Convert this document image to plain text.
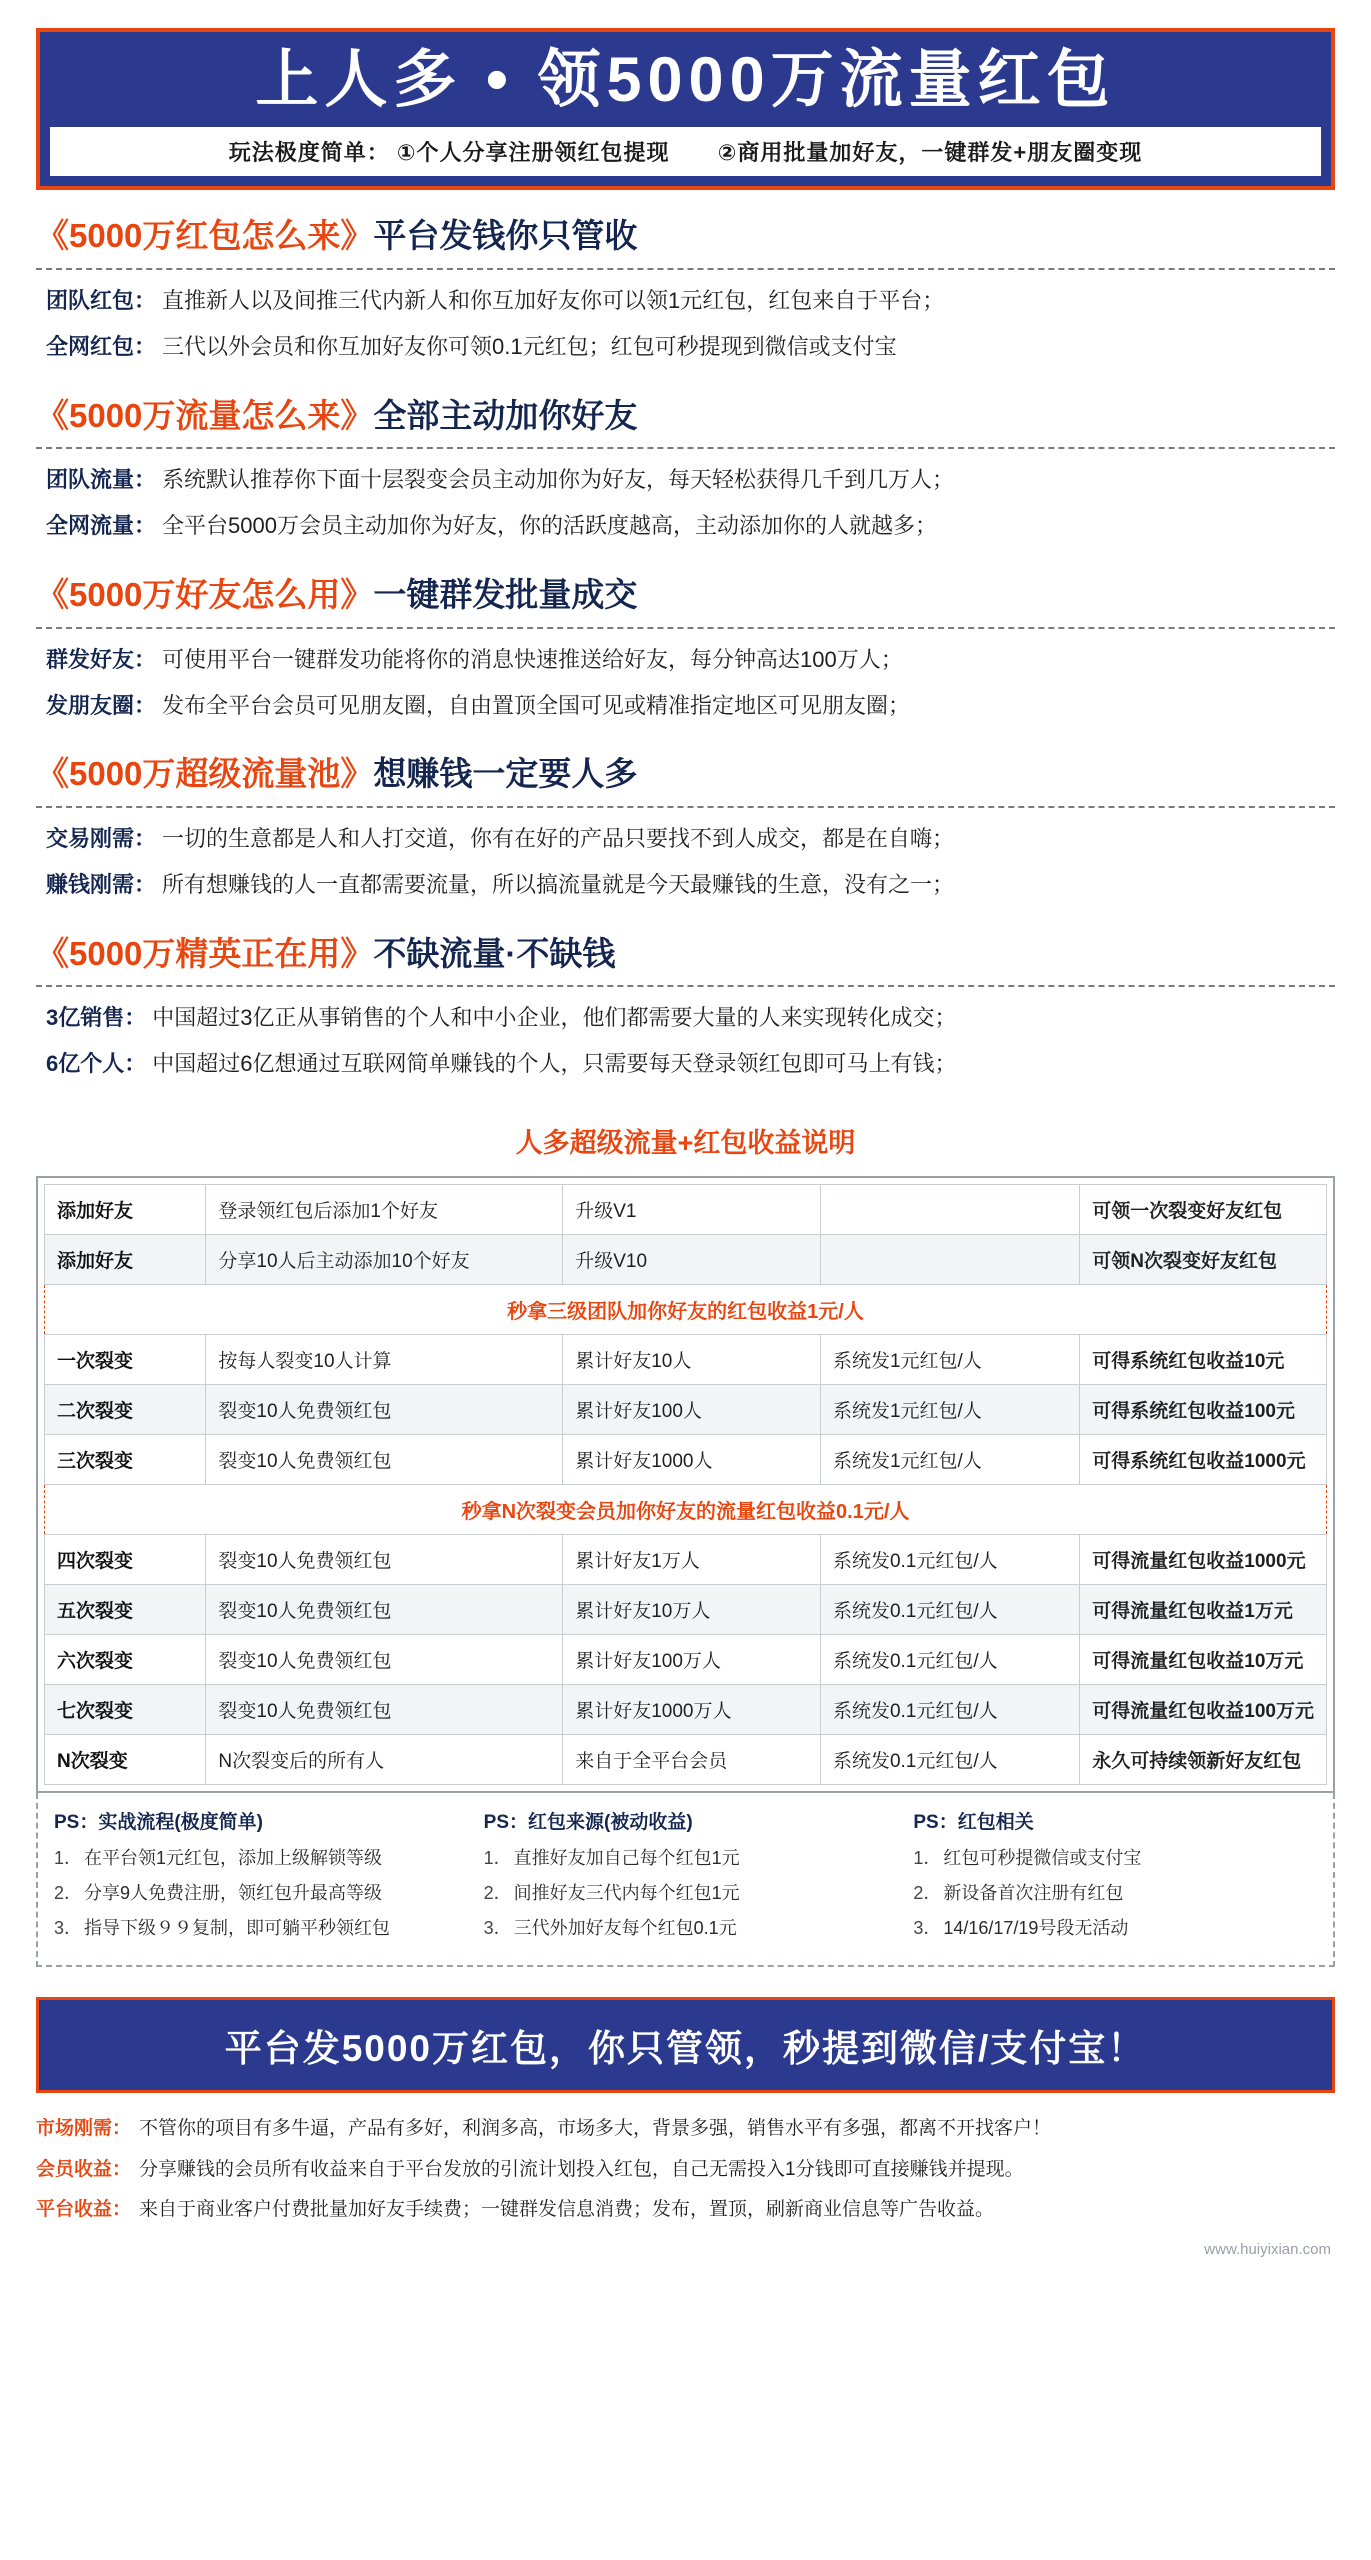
上人多 • 领5000万流量红包
玩法极度简单： ①个人分享注册领红包提现 ②商用批量加好友，一键群发+朋友圈变现
《5000万红包怎么来》平台发钱你只管收
团队红包： 直推新人以及间推三代内新人和你互加好友你可以领1元红包，红包来自于平台；
全网红包： 三代以外会员和你互加好友你可领0.1元红包；红包可秒提现到微信或支付宝
《5000万流量怎么来》全部主动加你好友
团队流量： 系统默认推荐你下面十层裂变会员主动加你为好友，每天轻松获得几千到几万人；
全网流量： 全平台5000万会员主动加你为好友，你的活跃度越高，主动添加你的人就越多；
《5000万好友怎么用》一键群发批量成交
群发好友： 可使用平台一键群发功能将你的消息快速推送给好友，每分钟高达100万人；
发朋友圈： 发布全平台会员可见朋友圈，自由置顶全国可见或精准指定地区可见朋友圈；
《5000万超级流量池》想赚钱一定要人多
交易刚需： 一切的生意都是人和人打交道，你有在好的产品只要找不到人成交，都是在自嗨；
赚钱刚需： 所有想赚钱的人一直都需要流量，所以搞流量就是今天最赚钱的生意，没有之一；
《5000万精英正在用》不缺流量·不缺钱
3亿销售： 中国超过3亿正从事销售的个人和中小企业，他们都需要大量的人来实现转化成交；
6亿个人： 中国超过6亿想通过互联网简单赚钱的个人，只需要每天登录领红包即可马上有钱；
人多超级流量+红包收益说明
添加好友	登录领红包后添加1个好友	升级V1		可领一次裂变好友红包
添加好友	分享10人后主动添加10个好友	升级V10		可领N次裂变好友红包
秒拿三级团队加你好友的红包收益1元/人				
一次裂变	按每人裂变10人计算	累计好友10人	系统发1元红包/人	可得系统红包收益10元
二次裂变	裂变10人免费领红包	累计好友100人	系统发1元红包/人	可得系统红包收益100元
三次裂变	裂变10人免费领红包	累计好友1000人	系统发1元红包/人	可得系统红包收益1000元
秒拿N次裂变会员加你好友的流量红包收益0.1元/人				
四次裂变	裂变10人免费领红包	累计好友1万人	系统发0.1元红包/人	可得流量红包收益1000元
五次裂变	裂变10人免费领红包	累计好友10万人	系统发0.1元红包/人	可得流量红包收益1万元
六次裂变	裂变10人免费领红包	累计好友100万人	系统发0.1元红包/人	可得流量红包收益10万元
七次裂变	裂变10人免费领红包	累计好友1000万人	系统发0.1元红包/人	可得流量红包收益100万元
N次裂变	N次裂变后的所有人	来自于全平台会员	系统发0.1元红包/人	永久可持续领新好友红包
PS：实战流程(极度简单)
1． 在平台领1元红包，添加上级解锁等级
2． 分享9人免费注册，领红包升最高等级
3． 指导下级９９复制，即可躺平秒领红包
PS：红包来源(被动收益)
1． 直推好友加自己每个红包1元
2． 间推好友三代内每个红包1元
3． 三代外加好友每个红包0.1元
PS：红包相关
1． 红包可秒提微信或支付宝
2． 新设备首次注册有红包
3． 14/16/17/19号段无活动
平台发5000万红包，你只管领，秒提到微信/支付宝！
市场刚需： 不管你的项目有多牛逼，产品有多好，利润多高，市场多大，背景多强，销售水平有多强，都离不开找客户！
会员收益： 分享赚钱的会员所有收益来自于平台发放的引流计划投入红包，自己无需投入1分钱即可直接赚钱并提现。
平台收益： 来自于商业客户付费批量加好友手续费；一键群发信息消费；发布，置顶，刷新商业信息等广告收益。
www.huiyixian.com
